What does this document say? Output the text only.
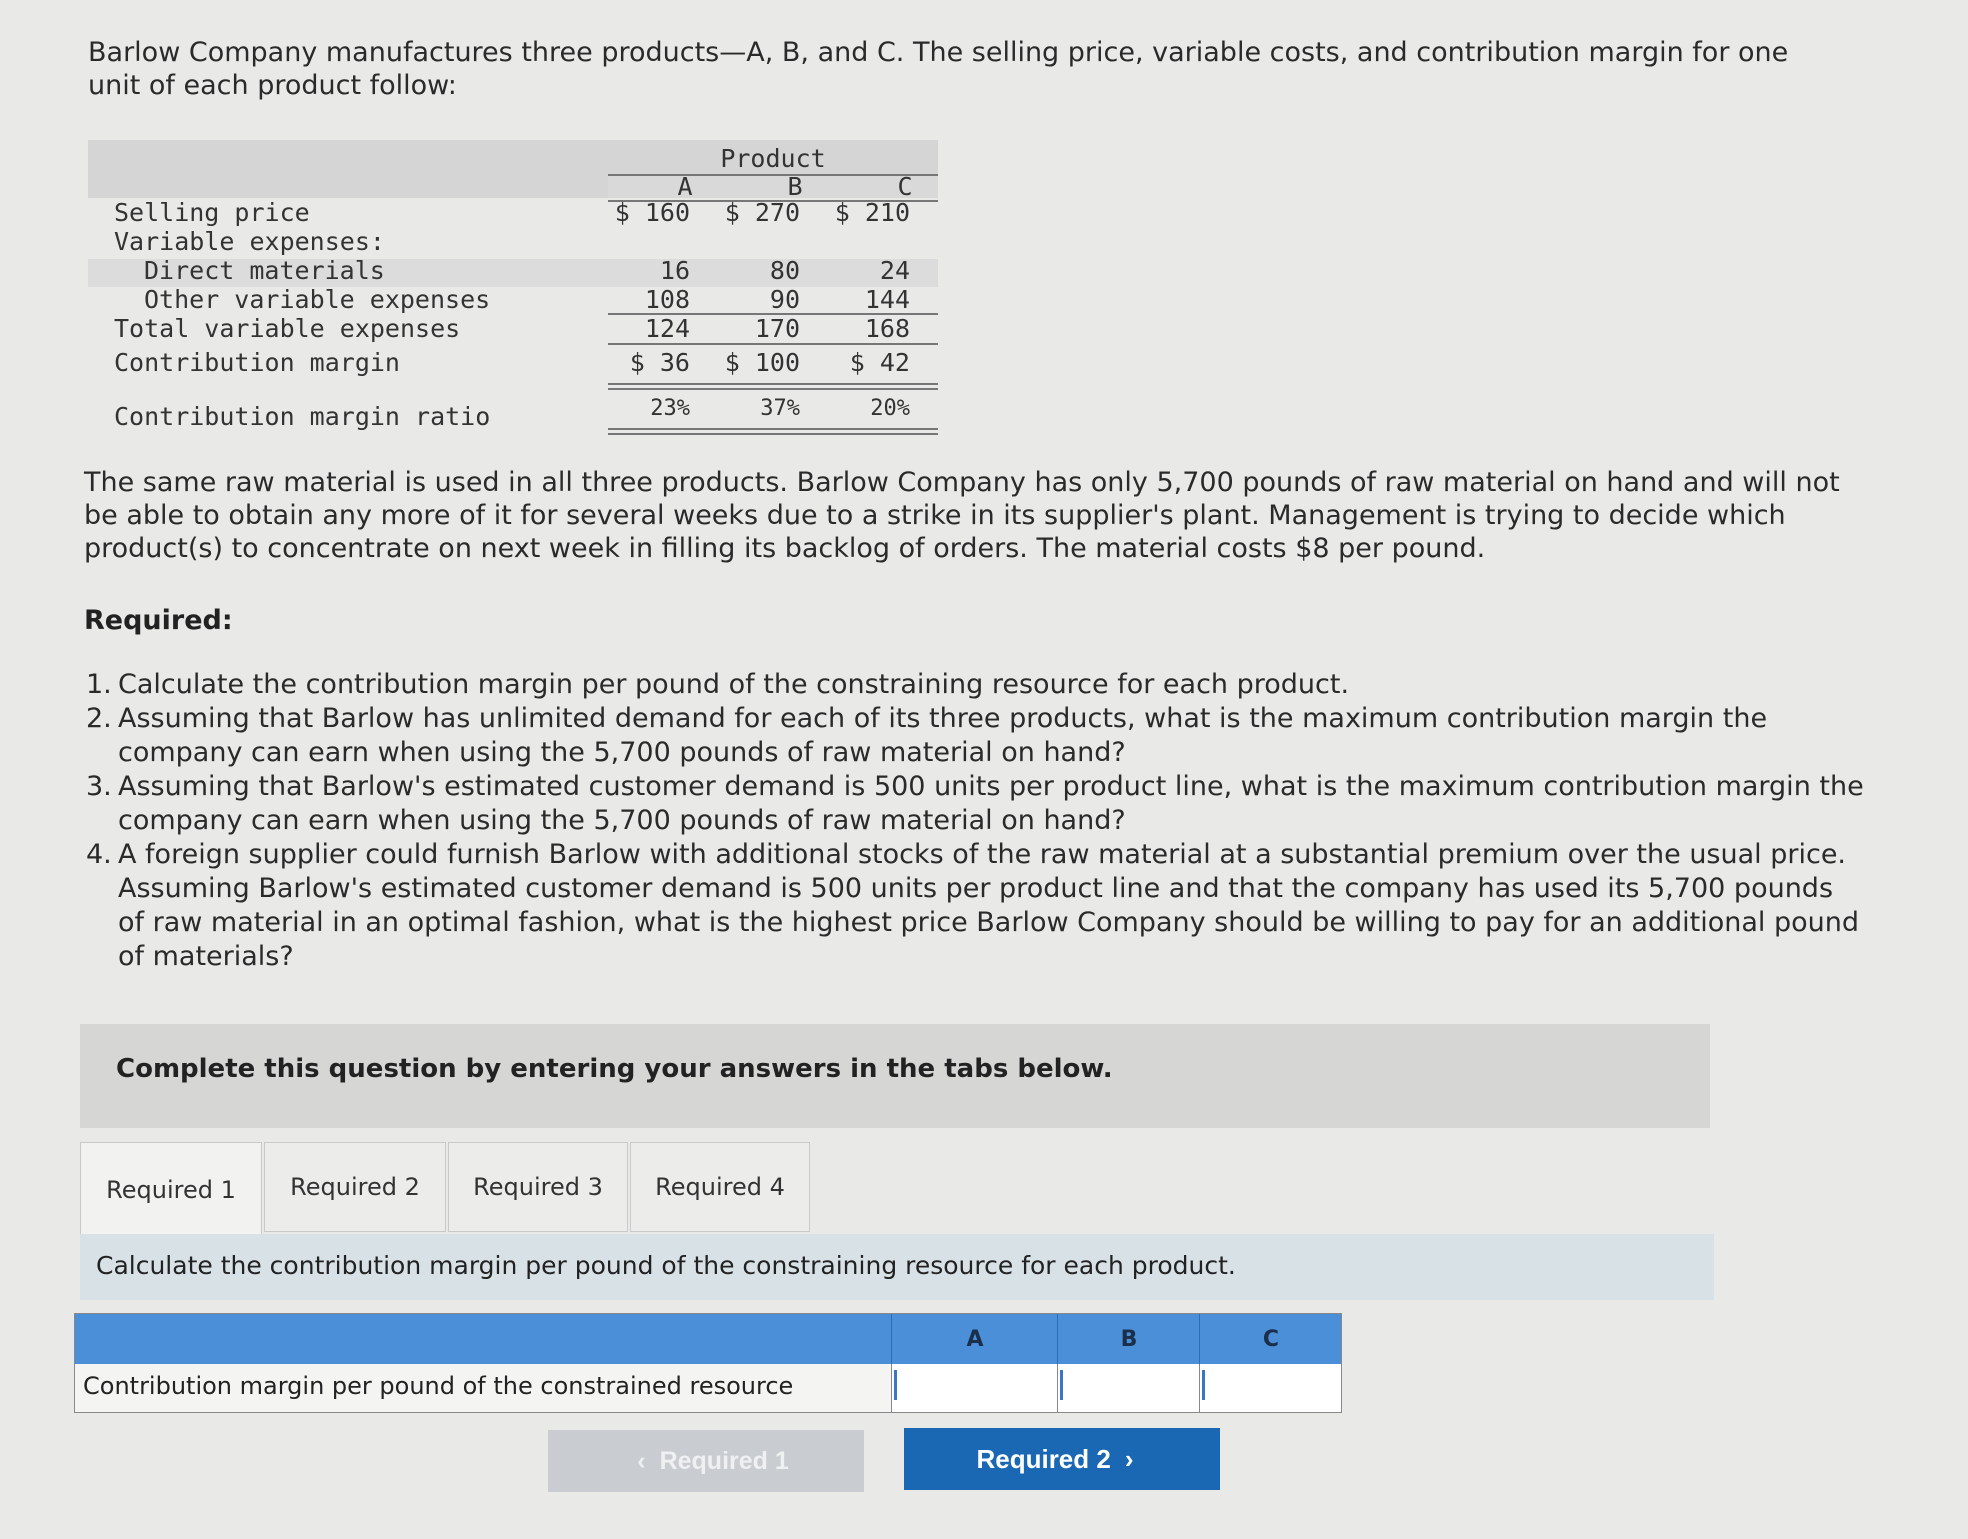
Barlow Company manufactures three products—A, B, and C. The selling price, variable costs, and contribution margin for one unit of each product follow:
Product
A	B	C
Selling price	$ 160	$ 270	$ 210
Variable expenses:
Direct materials	16	80	24
Other variable expenses	108	90	144
Total variable expenses	124	170	168
Contribution margin	$ 36	$ 100	$ 42
Contribution margin ratio	23%	37%	20%
The same raw material is used in all three products. Barlow Company has only 5,700 pounds of raw material on hand and will not be able to obtain any more of it for several weeks due to a strike in its supplier's plant. Management is trying to decide which product(s) to concentrate on next week in filling its backlog of orders. The material costs $8 per pound.
Required:
1. Calculate the contribution margin per pound of the constraining resource for each product.
2. Assuming that Barlow has unlimited demand for each of its three products, what is the maximum contribution margin the company can earn when using the 5,700 pounds of raw material on hand?
3. Assuming that Barlow's estimated customer demand is 500 units per product line, what is the maximum contribution margin the company can earn when using the 5,700 pounds of raw material on hand?
4. A foreign supplier could furnish Barlow with additional stocks of the raw material at a substantial premium over the usual price. Assuming Barlow's estimated customer demand is 500 units per product line and that the company has used its 5,700 pounds of raw material in an optimal fashion, what is the highest price Barlow Company should be willing to pay for an additional pound of materials?
Complete this question by entering your answers in the tabs below.
Required 1	Required 2	Required 3	Required 4
Calculate the contribution margin per pound of the constraining resource for each product.
A	B	C
Contribution margin per pound of the constrained resource
‹ Required 1	Required 2 ›
